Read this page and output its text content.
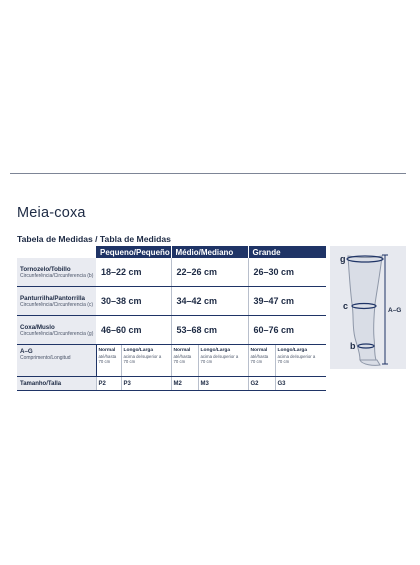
Meia-coxa
Tabela de Medidas / Tabla de Medidas
	Pequeno/Pequeño		Médio/Mediano		Grande	

Tornozelo/Tobillo
Circunferência/Circunferencia (b)	18–22 cm		22–26 cm		26–30 cm	

Panturrilha/Pantorrilla
Circunferência/Circunferencia (c)	30–38 cm		34–42 cm		39–47 cm	

Coxa/Muslo
Circunferência/Circunferencia (g)	46–60 cm		53–68 cm		60–76 cm	

A–G
Comprimento/Longitud	Normal
até/hasta
70 cm	Longo/Larga
acima de/superior a
70 cm	Normal
até/hasta
70 cm	Longo/Larga
acima de/superior a
70 cm	Normal
até/hasta
70 cm	Longo/Larga
acima de/superior a
70 cm

Tamanho/Talla	P2	P3	M2	M3	G2	G3
g
c
b
A–G
